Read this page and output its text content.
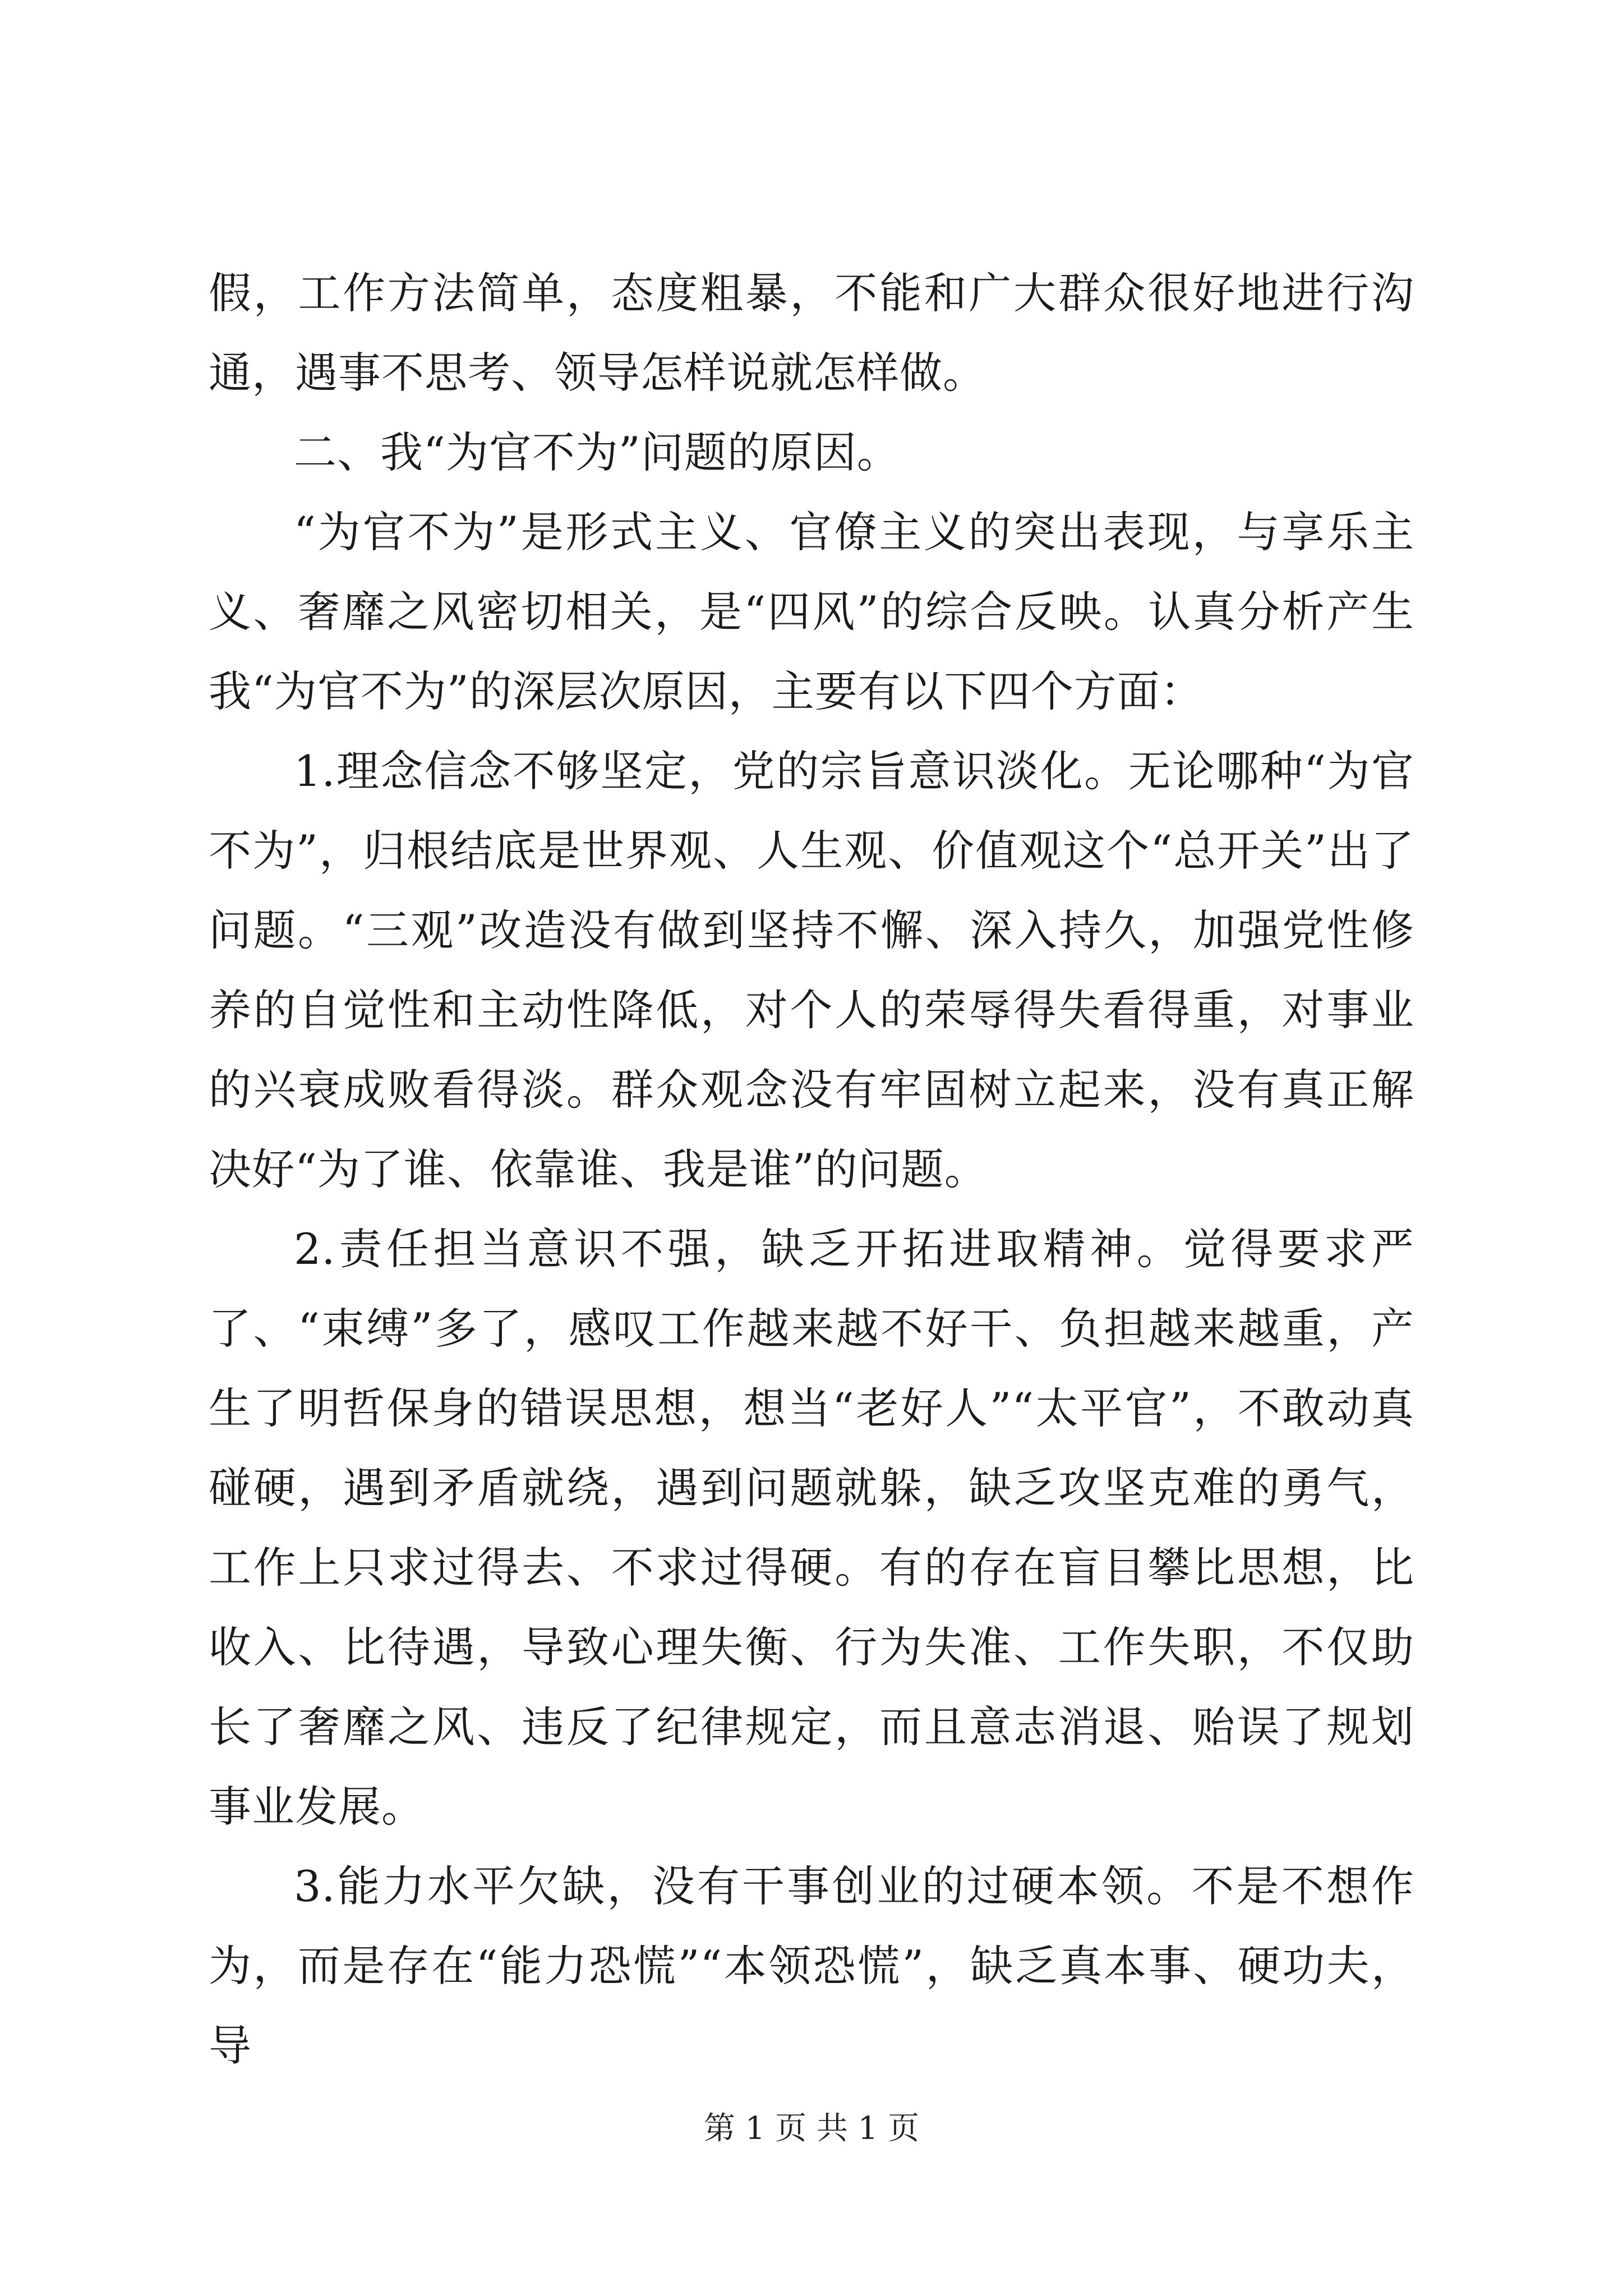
假，工作方法简单，态度粗暴，不能和广大群众很好地进行沟通，遇事不思考、领导怎样说就怎样做。

二、我“为官不为”问题的原因。

“为官不为”是形式主义、官僚主义的突出表现，与享乐主义、奢靡之风密切相关，是“四风”的综合反映。认真分析产生我“为官不为”的深层次原因，主要有以下四个方面：

1.理念信念不够坚定，党的宗旨意识淡化。无论哪种“为官不为”，归根结底是世界观、人生观、价值观这个“总开关”出了问题。“三观”改造没有做到坚持不懈、深入持久，加强党性修养的自觉性和主动性降低，对个人的荣辱得失看得重，对事业的兴衰成败看得淡。群众观念没有牢固树立起来，没有真正解决好“为了谁、依靠谁、我是谁”的问题。

2.责任担当意识不强，缺乏开拓进取精神。觉得要求严了、“束缚”多了，感叹工作越来越不好干、负担越来越重，产生了明哲保身的错误思想，想当“老好人”“太平官”，不敢动真碰硬，遇到矛盾就绕，遇到问题就躲，缺乏攻坚克难的勇气，工作上只求过得去、不求过得硬。有的存在盲目攀比思想，比收入、比待遇，导致心理失衡、行为失准、工作失职，不仅助长了奢靡之风、违反了纪律规定，而且意志消退、贻误了规划事业发展。

3.能力水平欠缺，没有干事创业的过硬本领。不是不想作为，而是存在“能力恐慌”“本领恐慌”，缺乏真本事、硬功夫，导

第 1 页 共 1 页
